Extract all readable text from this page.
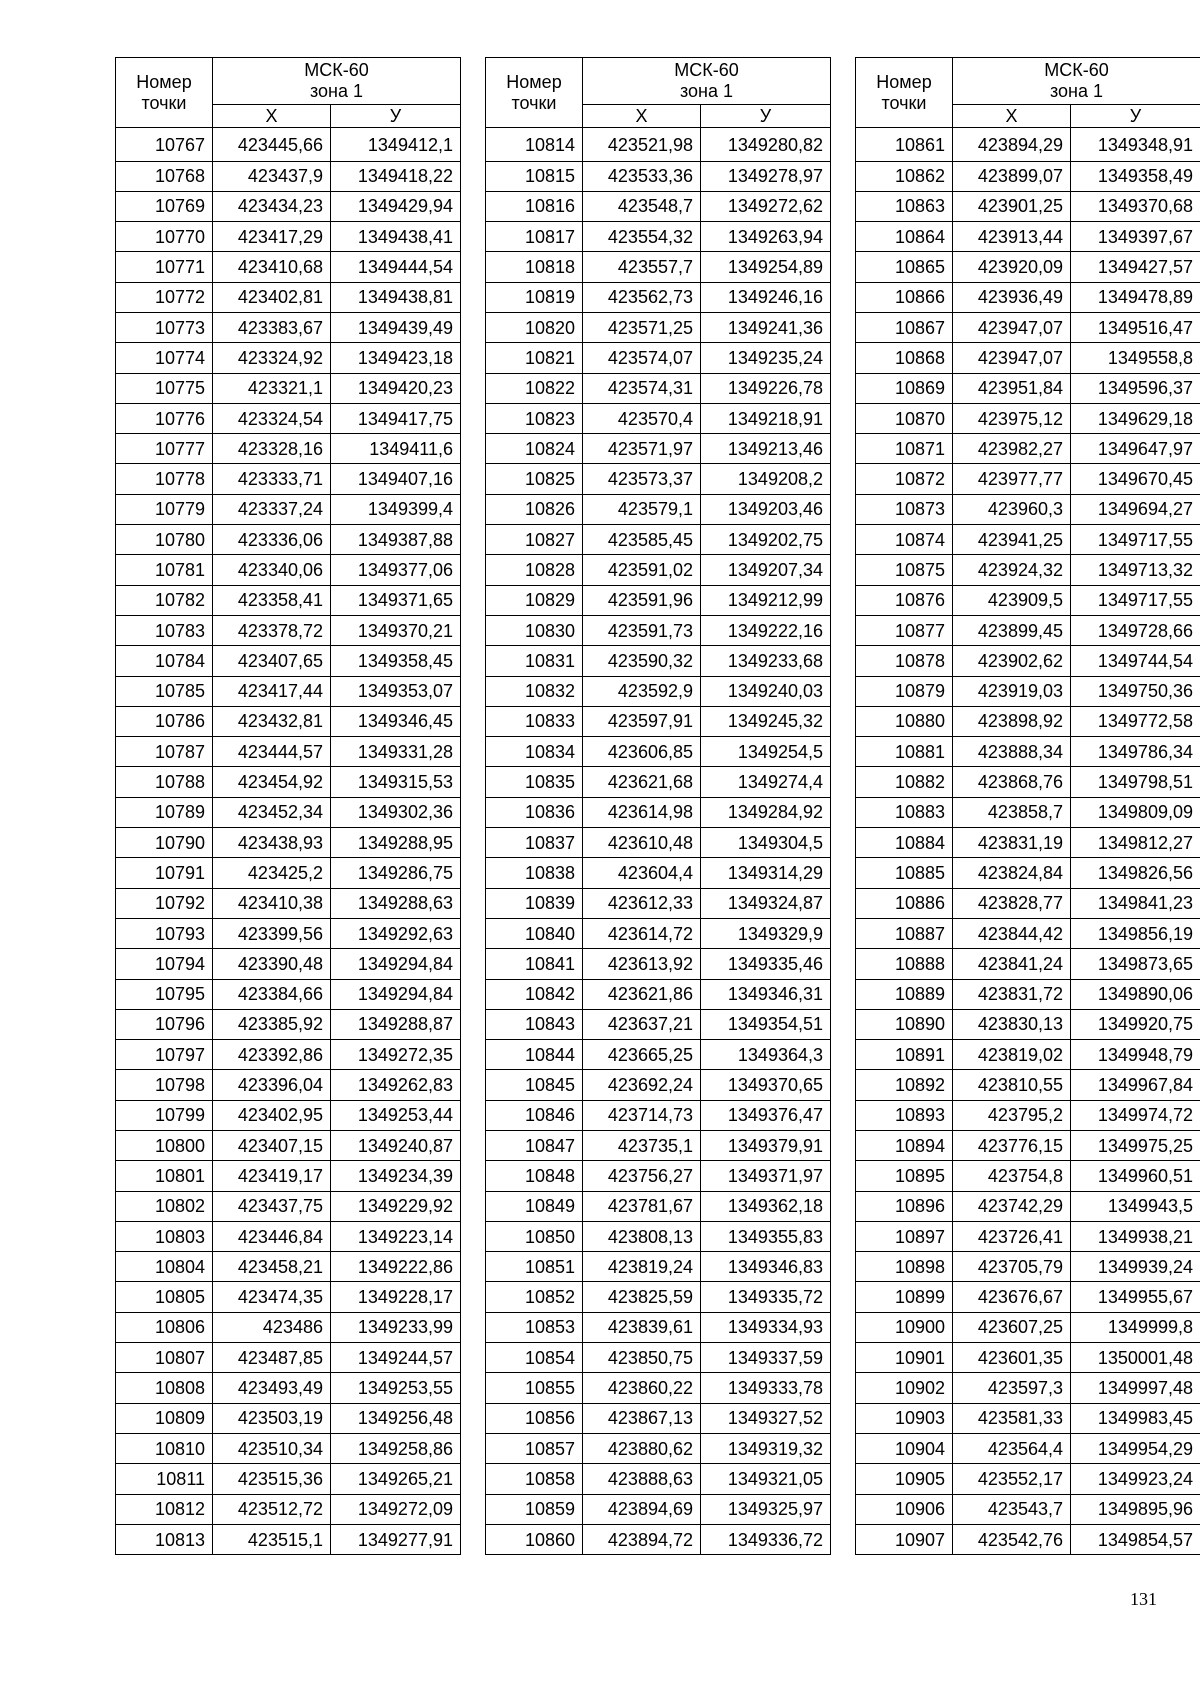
Номер
точки	МСК-60
зона 1	

	Х	У
10767	423445,66	1349412,1
10768	423437,9	1349418,22
10769	423434,23	1349429,94
10770	423417,29	1349438,41
10771	423410,68	1349444,54
10772	423402,81	1349438,81
10773	423383,67	1349439,49
10774	423324,92	1349423,18
10775	423321,1	1349420,23
10776	423324,54	1349417,75
10777	423328,16	1349411,6
10778	423333,71	1349407,16
10779	423337,24	1349399,4
10780	423336,06	1349387,88
10781	423340,06	1349377,06
10782	423358,41	1349371,65
10783	423378,72	1349370,21
10784	423407,65	1349358,45
10785	423417,44	1349353,07
10786	423432,81	1349346,45
10787	423444,57	1349331,28
10788	423454,92	1349315,53
10789	423452,34	1349302,36
10790	423438,93	1349288,95
10791	423425,2	1349286,75
10792	423410,38	1349288,63
10793	423399,56	1349292,63
10794	423390,48	1349294,84
10795	423384,66	1349294,84
10796	423385,92	1349288,87
10797	423392,86	1349272,35
10798	423396,04	1349262,83
10799	423402,95	1349253,44
10800	423407,15	1349240,87
10801	423419,17	1349234,39
10802	423437,75	1349229,92
10803	423446,84	1349223,14
10804	423458,21	1349222,86
10805	423474,35	1349228,17
10806	423486	1349233,99
10807	423487,85	1349244,57
10808	423493,49	1349253,55
10809	423503,19	1349256,48
10810	423510,34	1349258,86
10811	423515,36	1349265,21
10812	423512,72	1349272,09
10813	423515,1	1349277,91
Номер
точки	МСК-60
зона 1	

	Х	У
10814	423521,98	1349280,82
10815	423533,36	1349278,97
10816	423548,7	1349272,62
10817	423554,32	1349263,94
10818	423557,7	1349254,89
10819	423562,73	1349246,16
10820	423571,25	1349241,36
10821	423574,07	1349235,24
10822	423574,31	1349226,78
10823	423570,4	1349218,91
10824	423571,97	1349213,46
10825	423573,37	1349208,2
10826	423579,1	1349203,46
10827	423585,45	1349202,75
10828	423591,02	1349207,34
10829	423591,96	1349212,99
10830	423591,73	1349222,16
10831	423590,32	1349233,68
10832	423592,9	1349240,03
10833	423597,91	1349245,32
10834	423606,85	1349254,5
10835	423621,68	1349274,4
10836	423614,98	1349284,92
10837	423610,48	1349304,5
10838	423604,4	1349314,29
10839	423612,33	1349324,87
10840	423614,72	1349329,9
10841	423613,92	1349335,46
10842	423621,86	1349346,31
10843	423637,21	1349354,51
10844	423665,25	1349364,3
10845	423692,24	1349370,65
10846	423714,73	1349376,47
10847	423735,1	1349379,91
10848	423756,27	1349371,97
10849	423781,67	1349362,18
10850	423808,13	1349355,83
10851	423819,24	1349346,83
10852	423825,59	1349335,72
10853	423839,61	1349334,93
10854	423850,75	1349337,59
10855	423860,22	1349333,78
10856	423867,13	1349327,52
10857	423880,62	1349319,32
10858	423888,63	1349321,05
10859	423894,69	1349325,97
10860	423894,72	1349336,72
Номер
точки	МСК-60
зона 1	

	Х	У
10861	423894,29	1349348,91
10862	423899,07	1349358,49
10863	423901,25	1349370,68
10864	423913,44	1349397,67
10865	423920,09	1349427,57
10866	423936,49	1349478,89
10867	423947,07	1349516,47
10868	423947,07	1349558,8
10869	423951,84	1349596,37
10870	423975,12	1349629,18
10871	423982,27	1349647,97
10872	423977,77	1349670,45
10873	423960,3	1349694,27
10874	423941,25	1349717,55
10875	423924,32	1349713,32
10876	423909,5	1349717,55
10877	423899,45	1349728,66
10878	423902,62	1349744,54
10879	423919,03	1349750,36
10880	423898,92	1349772,58
10881	423888,34	1349786,34
10882	423868,76	1349798,51
10883	423858,7	1349809,09
10884	423831,19	1349812,27
10885	423824,84	1349826,56
10886	423828,77	1349841,23
10887	423844,42	1349856,19
10888	423841,24	1349873,65
10889	423831,72	1349890,06
10890	423830,13	1349920,75
10891	423819,02	1349948,79
10892	423810,55	1349967,84
10893	423795,2	1349974,72
10894	423776,15	1349975,25
10895	423754,8	1349960,51
10896	423742,29	1349943,5
10897	423726,41	1349938,21
10898	423705,79	1349939,24
10899	423676,67	1349955,67
10900	423607,25	1349999,8
10901	423601,35	1350001,48
10902	423597,3	1349997,48
10903	423581,33	1349983,45
10904	423564,4	1349954,29
10905	423552,17	1349923,24
10906	423543,7	1349895,96
10907	423542,76	1349854,57
131
